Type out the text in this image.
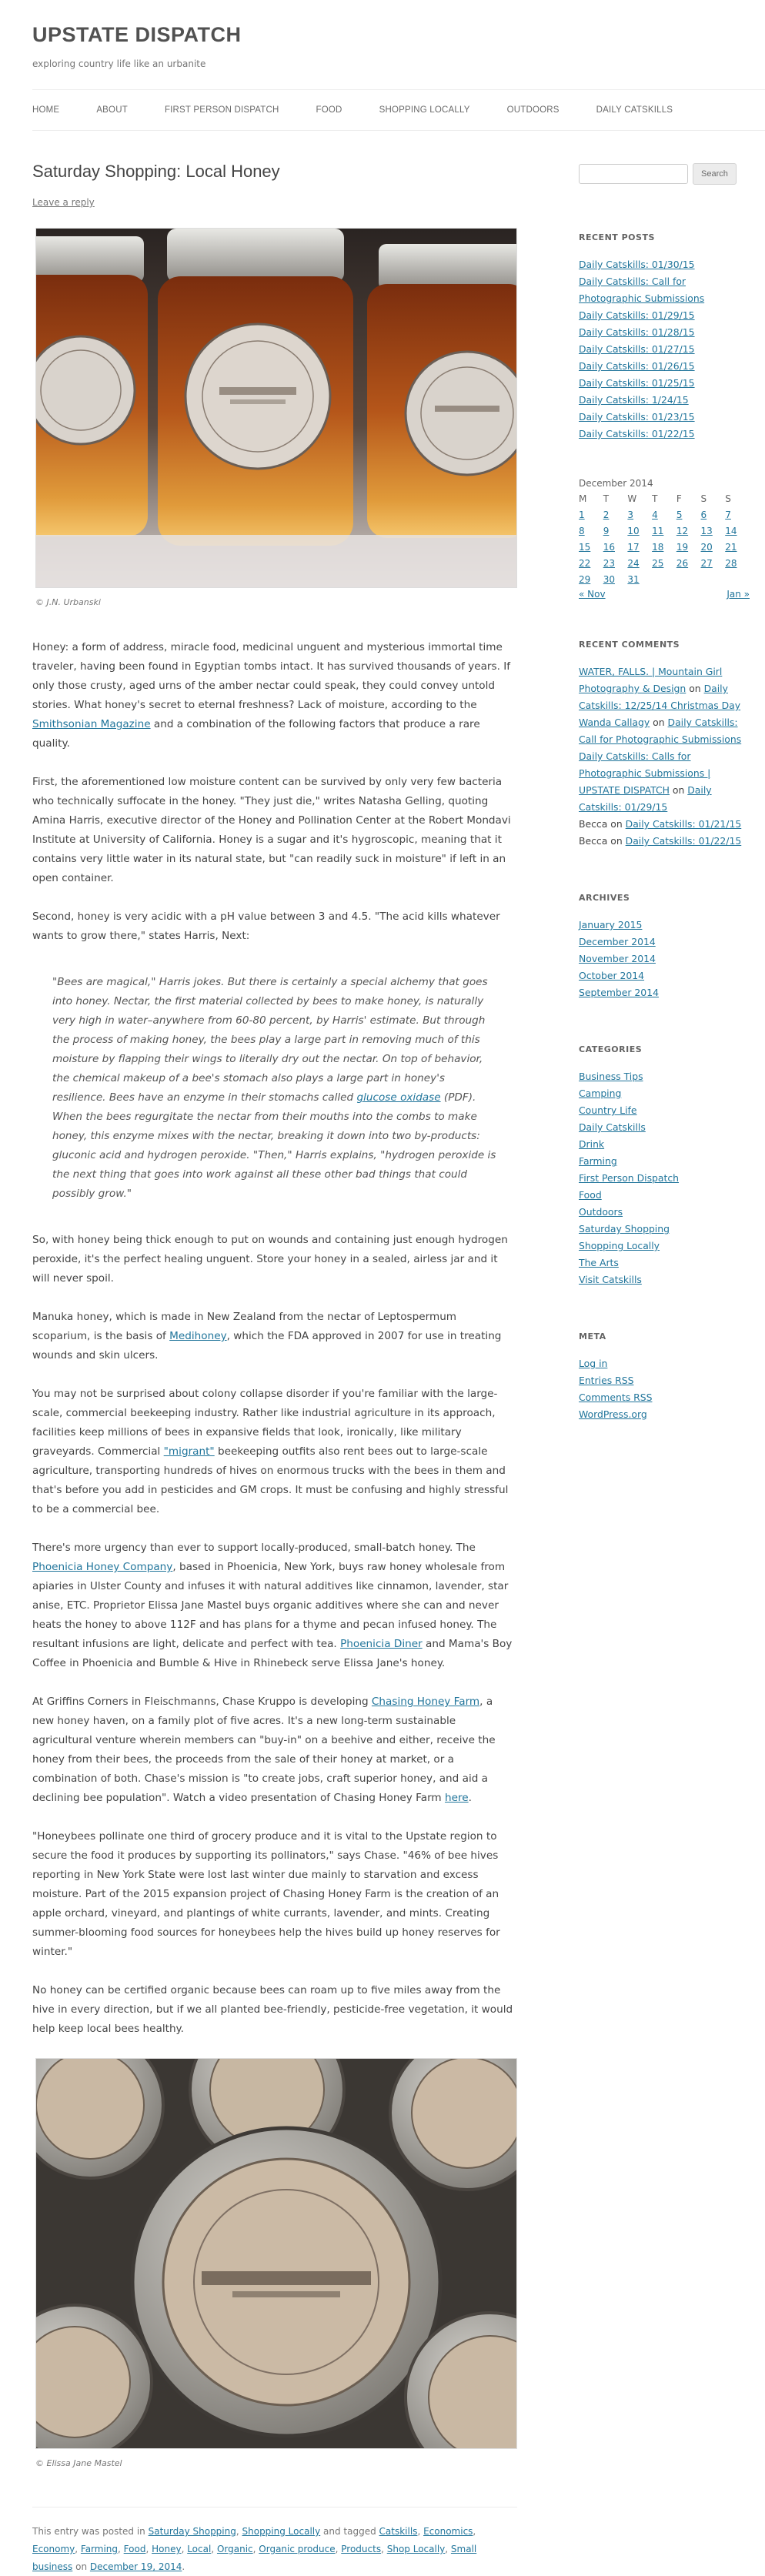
UPSTATE DISPATCH

exploring country life like an urbanite

HOME	ABOUT	FIRST PERSON DISPATCH	FOOD	SHOPPING LOCALLY	OUTDOORS	DAILY CATSKILLS
Saturday Shopping: Local Honey
Leave a reply
© J.N. Urbanski

Honey: a form of address, miracle food, medicinal unguent and mysterious immortal time traveler, having been found in Egyptian tombs intact. It has survived thousands of years. If only those crusty, aged urns of the amber nectar could speak, they could convey untold stories. What honey's secret to eternal freshness? Lack of moisture, according to the Smithsonian Magazine and a combination of the following factors that produce a rare quality.

First, the aforementioned low moisture content can be survived by only very few bacteria who technically suffocate in the honey. "They just die," writes Natasha Gelling, quoting Amina Harris, executive director of the Honey and Pollination Center at the Robert Mondavi Institute at University of California. Honey is a sugar and it's hygroscopic, meaning that it contains very little water in its natural state, but "can readily suck in moisture" if left in an open container.

Second, honey is very acidic with a pH value between 3 and 4.5. "The acid kills whatever wants to grow there," states Harris, Next:

"Bees are magical," Harris jokes. But there is certainly a special alchemy that goes into honey. Nectar, the first material collected by bees to make honey, is naturally very high in water–anywhere from 60-80 percent, by Harris' estimate. But through the process of making honey, the bees play a large part in removing much of this moisture by flapping their wings to literally dry out the nectar. On top of behavior, the chemical makeup of a bee's stomach also plays a large part in honey's resilience. Bees have an enzyme in their stomachs called glucose oxidase (PDF). When the bees regurgitate the nectar from their mouths into the combs to make honey, this enzyme mixes with the nectar, breaking it down into two by-products: gluconic acid and hydrogen peroxide. "Then," Harris explains, "hydrogen peroxide is the next thing that goes into work against all these other bad things that could possibly grow."

So, with honey being thick enough to put on wounds and containing just enough hydrogen peroxide, it's the perfect healing unguent. Store your honey in a sealed, airless jar and it will never spoil.

Manuka honey, which is made in New Zealand from the nectar of Leptospermum scoparium, is the basis of Medihoney, which the FDA approved in 2007 for use in treating wounds and skin ulcers.

You may not be surprised about colony collapse disorder if you're familiar with the large-scale, commercial beekeeping industry. Rather like industrial agriculture in its approach, facilities keep millions of bees in expansive fields that look, ironically, like military graveyards. Commercial "migrant" beekeeping outfits also rent bees out to large-scale agriculture, transporting hundreds of hives on enormous trucks with the bees in them and that's before you add in pesticides and GM crops. It must be confusing and highly stressful to be a commercial bee.

There's more urgency than ever to support locally-produced, small-batch honey. The Phoenicia Honey Company, based in Phoenicia, New York, buys raw honey wholesale from apiaries in Ulster County and infuses it with natural additives like cinnamon, lavender, star anise, ETC. Proprietor Elissa Jane Mastel buys organic additives where she can and never heats the honey to above 112F and has plans for a thyme and pecan infused honey. The resultant infusions are light, delicate and perfect with tea. Phoenicia Diner and Mama's Boy Coffee in Phoenicia and Bumble & Hive in Rhinebeck serve Elissa Jane's honey.

At Griffins Corners in Fleischmanns, Chase Kruppo is developing Chasing Honey Farm, a new honey haven, on a family plot of five acres. It's a new long-term sustainable agricultural venture wherein members can "buy-in" on a beehive and either, receive the honey from their bees, the proceeds from the sale of their honey at market, or a combination of both. Chase's mission is "to create jobs, craft superior honey, and aid a declining bee population". Watch a video presentation of Chasing Honey Farm here.

"Honeybees pollinate one third of grocery produce and it is vital to the Upstate region to secure the food it produces by supporting its pollinators," says Chase. "46% of bee hives reporting in New York State were lost last winter due mainly to starvation and excess moisture. Part of the 2015 expansion project of Chasing Honey Farm is the creation of an apple orchard, vineyard, and plantings of white currants, lavender, and mints. Creating summer-blooming food sources for honeybees help the hives build up honey reserves for winter."

No honey can be certified organic because bees can roam up to five miles away from the hive in every direction, but if we all planted bee-friendly, pesticide-free vegetation, it would help keep local bees healthy.

© Elissa Jane Mastel
This entry was posted in Saturday Shopping, Shopping Locally and tagged Catskills, Economics, Economy, Farming, Food, Honey, Local, Organic, Organic produce, Products, Shop Locally, Small business on December 19, 2014.
Search
RECENT POSTS
Daily Catskills: 01/30/15
Daily Catskills: Call for Photographic Submissions
Daily Catskills: 01/29/15
Daily Catskills: 01/28/15
Daily Catskills: 01/27/15
Daily Catskills: 01/26/15
Daily Catskills: 01/25/15
Daily Catskills: 1/24/15
Daily Catskills: 01/23/15
Daily Catskills: 01/22/15
December 2014
M	T	W	T	F	S	S
1	2	3	4	5	6	7
8	9	10	11	12	13	14
15	16	17	18	19	20	21
22	23	24	25	26	27	28
29	30	31				
« Nov	Jan »
RECENT COMMENTS
WATER, FALLS. | Mountain Girl Photography & Design on Daily Catskills: 12/25/14 Christmas Day
Wanda Callagy on Daily Catskills: Call for Photographic Submissions
Daily Catskills: Calls for Photographic Submissions | UPSTATE DISPATCH on Daily Catskills: 01/29/15
Becca on Daily Catskills: 01/21/15
Becca on Daily Catskills: 01/22/15
ARCHIVES
January 2015
December 2014
November 2014
October 2014
September 2014
CATEGORIES
Business Tips
Camping
Country Life
Daily Catskills
Drink
Farming
First Person Dispatch
Food
Outdoors
Saturday Shopping
Shopping Locally
The Arts
Visit Catskills
META
Log in
Entries RSS
Comments RSS
WordPress.org
